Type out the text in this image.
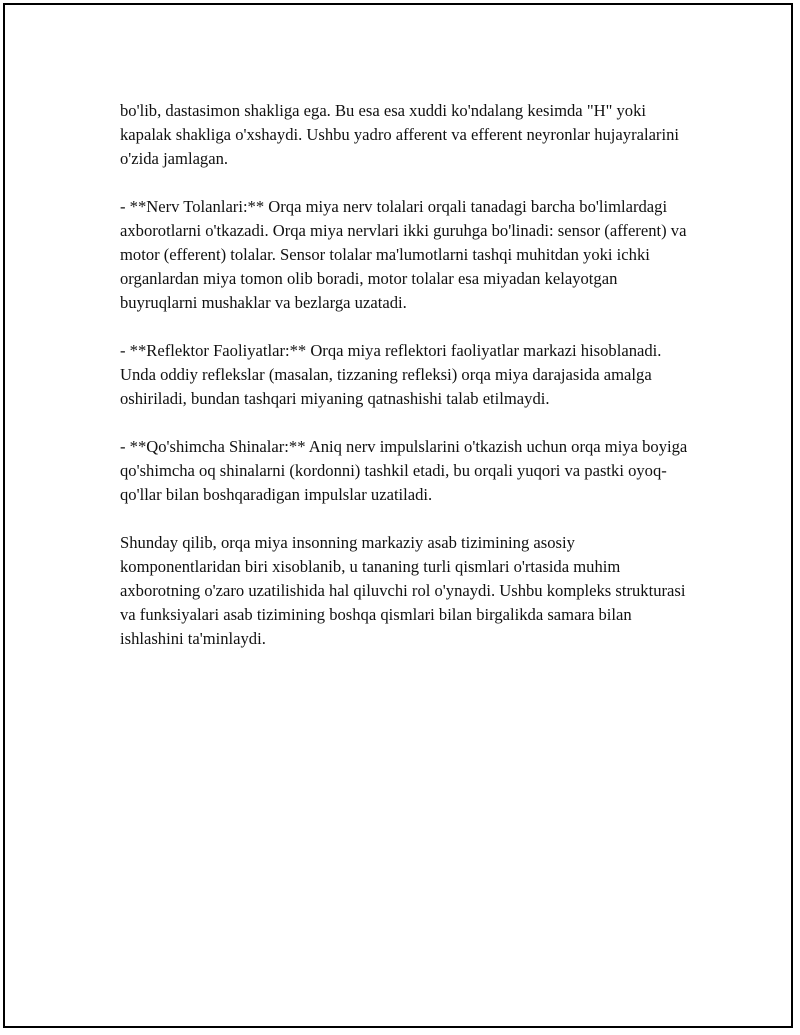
bo'lib, dastasimon shakliga ega. Bu esa esa xuddi ko'ndalang kesimda "H" yoki kapalak shakliga o'xshaydi. Ushbu yadro afferent va efferent neyronlar hujayralarini o'zida jamlagan.

- **Nerv Tolanlari:** Orqa miya nerv tolalari orqali tanadagi barcha bo'limlardagi axborotlarni o'tkazadi. Orqa miya nervlari ikki guruhga bo'linadi: sensor (afferent) va motor (efferent) tolalar. Sensor tolalar ma'lumotlarni tashqi muhitdan yoki ichki organlardan miya tomon olib boradi, motor tolalar esa miyadan kelayotgan buyruqlarni mushaklar va bezlarga uzatadi.

- **Reflektor Faoliyatlar:** Orqa miya reflektori faoliyatlar markazi hisoblanadi. Unda oddiy reflekslar (masalan, tizzaning refleksi) orqa miya darajasida amalga oshiriladi, bundan tashqari miyaning qatnashishi talab etilmaydi.

- **Qo'shimcha Shinalar:** Aniq nerv impulslarini o'tkazish uchun orqa miya boyiga qo'shimcha oq shinalarni (kordonni) tashkil etadi, bu orqali yuqori va pastki oyoq-qo'llar bilan boshqaradigan impulslar uzatiladi.

Shunday qilib, orqa miya insonning markaziy asab tizimining asosiy komponentlaridan biri xisoblanib, u tananing turli qismlari o'rtasida muhim axborotning o'zaro uzatilishida hal qiluvchi rol o'ynaydi. Ushbu kompleks strukturasi va funksiyalari asab tizimining boshqa qismlari bilan birgalikda samara bilan ishlashini ta'minlaydi.
